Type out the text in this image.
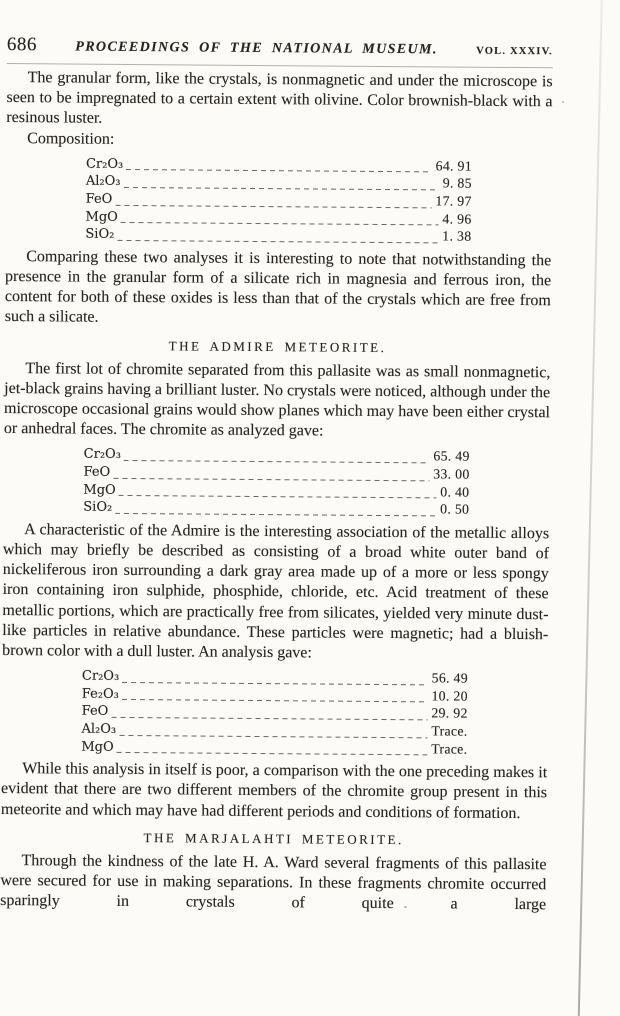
686	PROCEEDINGS OF THE NATIONAL MUSEUM.	VOL. XXXIV.

The granular form, like the crystals, is nonmagnetic and under the microscope is seen to be impregnated to a certain extent with olivine. Color brownish-black with a resinous luster.

Composition:
Cr₂O₃	64. 91
Al₂O₃	9. 85
FeO	17. 97
MgO	4. 96
SiO₂	1. 38

Comparing these two analyses it is interesting to note that notwithstanding the presence in the granular form of a silicate rich in magnesia and ferrous iron, the content for both of these oxides is less than that of the crystals which are free from such a silicate.

THE ADMIRE METEORITE.

The first lot of chromite separated from this pallasite was as small nonmagnetic, jet-black grains having a brilliant luster. No crystals were noticed, although under the microscope occasional grains would show planes which may have been either crystal or anhedral faces. The chromite as analyzed gave:

Cr₂O₃	65. 49
FeO	33. 00
MgO	0. 40
SiO₂	0. 50

A characteristic of the Admire is the interesting association of the metallic alloys which may briefly be described as consisting of a broad white outer band of nickeliferous iron surrounding a dark gray area made up of a more or less spongy iron containing iron sulphide, phosphide, chloride, etc. Acid treatment of these metallic portions, which are practically free from silicates, yielded very minute dust-like particles in relative abundance. These particles were magnetic; had a bluish-brown color with a dull luster. An analysis gave:

Cr₂O₃	56. 49
Fe₂O₃	10. 20
FeO	29. 92
Al₂O₃	Trace.
MgO	Trace.

While this analysis in itself is poor, a comparison with the one preceding makes it evident that there are two different members of the chromite group present in this meteorite and which may have had different periods and conditions of formation.

THE MARJALAHTI METEORITE.

Through the kindness of the late H. A. Ward several fragments of this pallasite were secured for use in making separations. In these fragments chromite occurred sparingly in crystals of quite a large
